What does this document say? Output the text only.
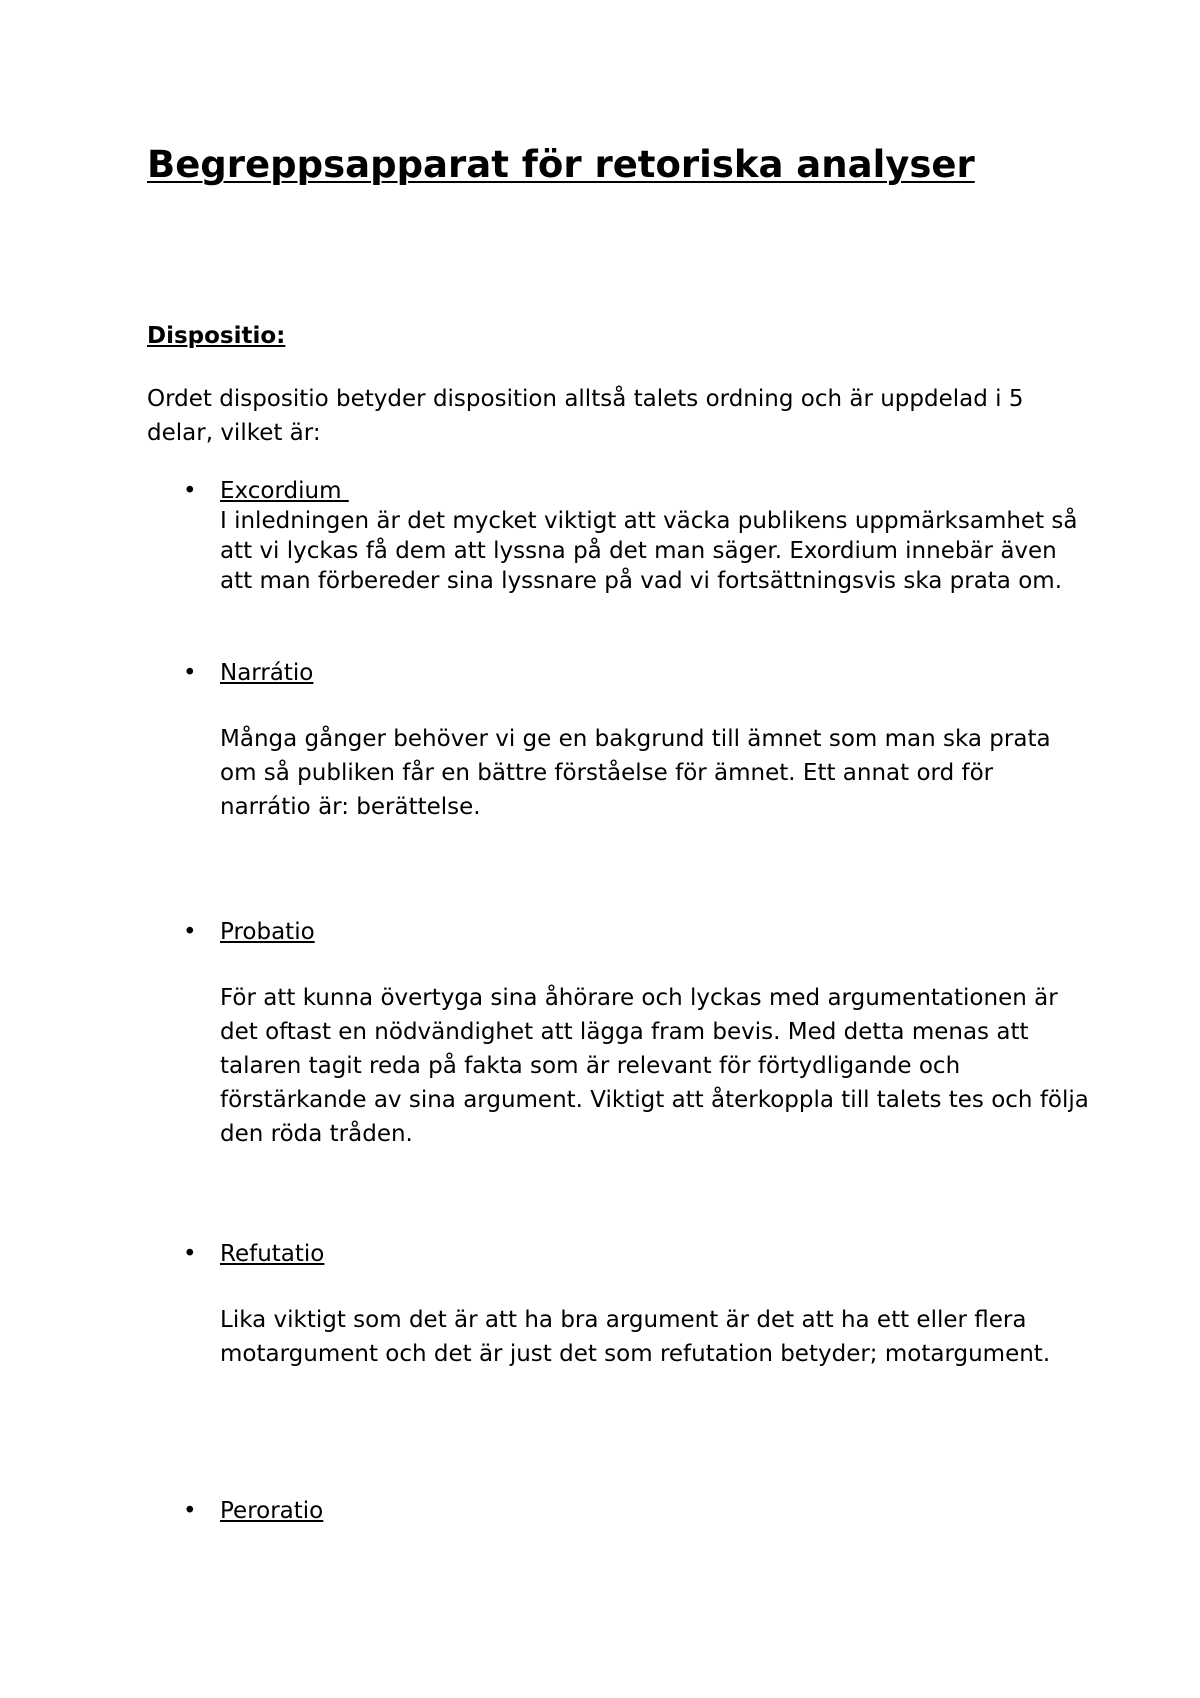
Begreppsapparat för retoriska analyser
Dispositio:

Ordet dispositio betyder disposition alltså talets ordning och är uppdelad i 5 delar, vilket är:

• Excordium

I inledningen är det mycket viktigt att väcka publikens uppmärksamhet så att vi lyckas få dem att lyssna på det man säger. Exordium innebär även att man förbereder sina lyssnare på vad vi fortsättningsvis ska prata om.

• Narrátio

Många gånger behöver vi ge en bakgrund till ämnet som man ska prata om så publiken får en bättre förståelse för ämnet. Ett annat ord för narrátio är: berättelse.

• Probatio

För att kunna övertyga sina åhörare och lyckas med argumentationen är det oftast en nödvändighet att lägga fram bevis. Med detta menas att talaren tagit reda på fakta som är relevant för förtydligande och förstärkande av sina argument. Viktigt att återkoppla till talets tes och följa den röda tråden.

• Refutatio

Lika viktigt som det är att ha bra argument är det att ha ett eller flera motargument och det är just det som refutation betyder; motargument.

• Peroratio
